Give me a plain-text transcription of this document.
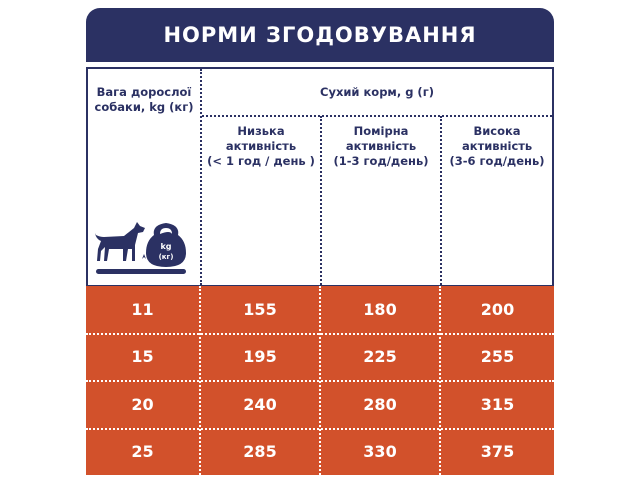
НОРМИ ЗГОДОВУВАННЯ
Вага дорослої собаки, kg (кг)
Сухий корм, g (г)
Низька активність
(< 1 год / день )
Помірна активність
(1-3 год/день)
Висока активність
(3-6 год/день)
kg
(кг)
11	155	180	200
15	195	225	255
20	240	280	315
25	285	330	375
